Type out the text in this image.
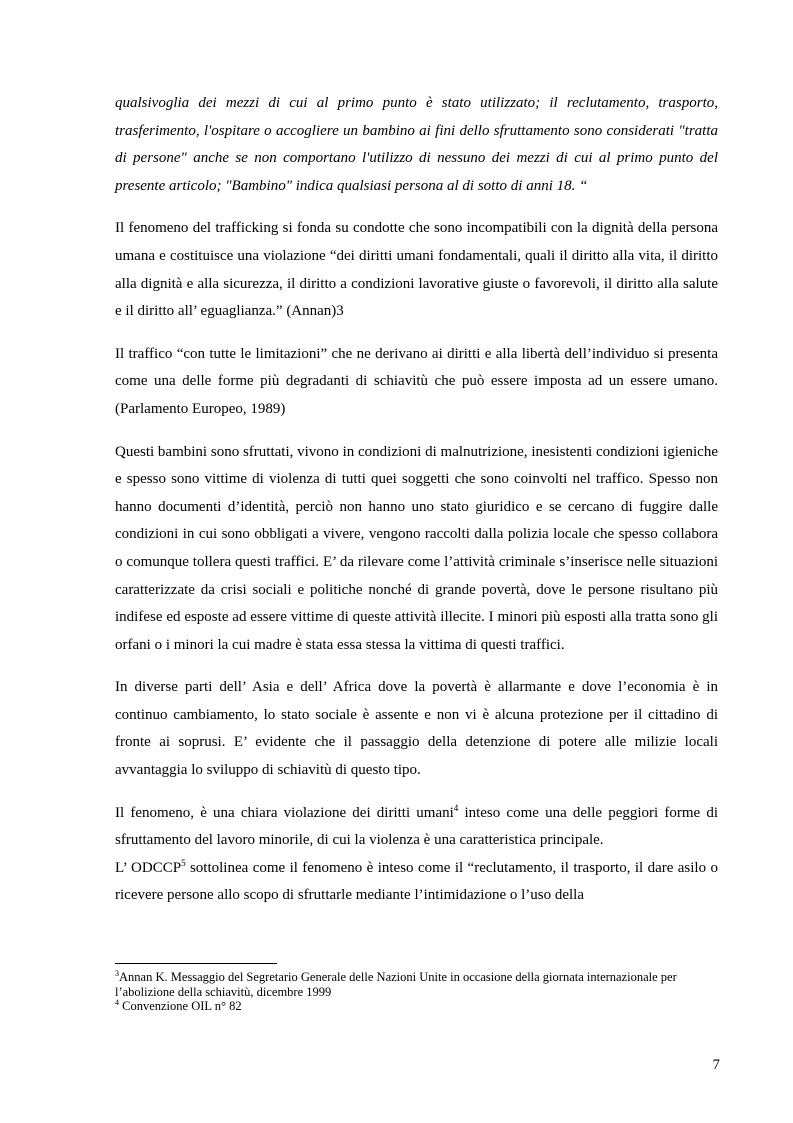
qualsivoglia dei mezzi di cui al primo punto è stato utilizzato; il reclutamento, trasporto, trasferimento, l'ospitare o accogliere un bambino ai fini dello sfruttamento sono considerati "tratta di persone" anche se non comportano l'utilizzo di nessuno dei mezzi di cui al primo punto del presente articolo; "Bambino" indica qualsiasi persona al di sotto di anni 18. “

Il fenomeno del trafficking si fonda su condotte che sono incompatibili con la dignità della persona umana e costituisce una violazione “dei diritti umani fondamentali, quali il diritto alla vita, il diritto alla dignità e alla sicurezza, il diritto a condizioni lavorative giuste o favorevoli, il diritto alla salute e il diritto all’ eguaglianza.” (Annan)3

Il traffico “con tutte le limitazioni” che ne derivano ai diritti e alla libertà dell’individuo si presenta come una delle forme più degradanti di schiavitù che può essere imposta ad un essere umano. (Parlamento Europeo, 1989)

Questi bambini sono sfruttati, vivono in condizioni di malnutrizione, inesistenti condizioni igieniche e spesso sono vittime di violenza di tutti quei soggetti che sono coinvolti nel traffico. Spesso non hanno documenti d’identità, perciò non hanno uno stato giuridico e se cercano di fuggire dalle condizioni in cui sono obbligati a vivere, vengono raccolti dalla polizia locale che spesso collabora o comunque tollera questi traffici. E’ da rilevare come l’attività criminale s’inserisce nelle situazioni caratterizzate da crisi sociali e politiche nonché di grande povertà, dove le persone risultano più indifese ed esposte ad essere vittime di queste attività illecite. I minori più esposti alla tratta sono gli orfani o i minori la cui madre è stata essa stessa la vittima di questi traffici.

In diverse parti dell’ Asia e dell’ Africa dove la povertà è allarmante e dove l’economia è in continuo cambiamento, lo stato sociale è assente e non vi è alcuna protezione per il cittadino di fronte ai soprusi. E’ evidente che il passaggio della detenzione di potere alle milizie locali avvantaggia lo sviluppo di schiavitù di questo tipo.

Il fenomeno, è una chiara violazione dei diritti umani$^4$ inteso come una delle peggiori forme di sfruttamento del lavoro minorile, di cui la violenza è una caratteristica principale.

L’ ODCCP$^5$ sottolinea come il fenomeno è inteso come il “reclutamento, il trasporto, il dare asilo o ricevere persone allo scopo di sfruttarle mediante l’intimidazione o l’uso della

$^3$Annan K. Messaggio del Segretario Generale delle Nazioni Unite in occasione della giornata internazionale per l’abolizione della schiavitù, dicembre 1999

$^4$ Convenzione OIL n° 82

7
